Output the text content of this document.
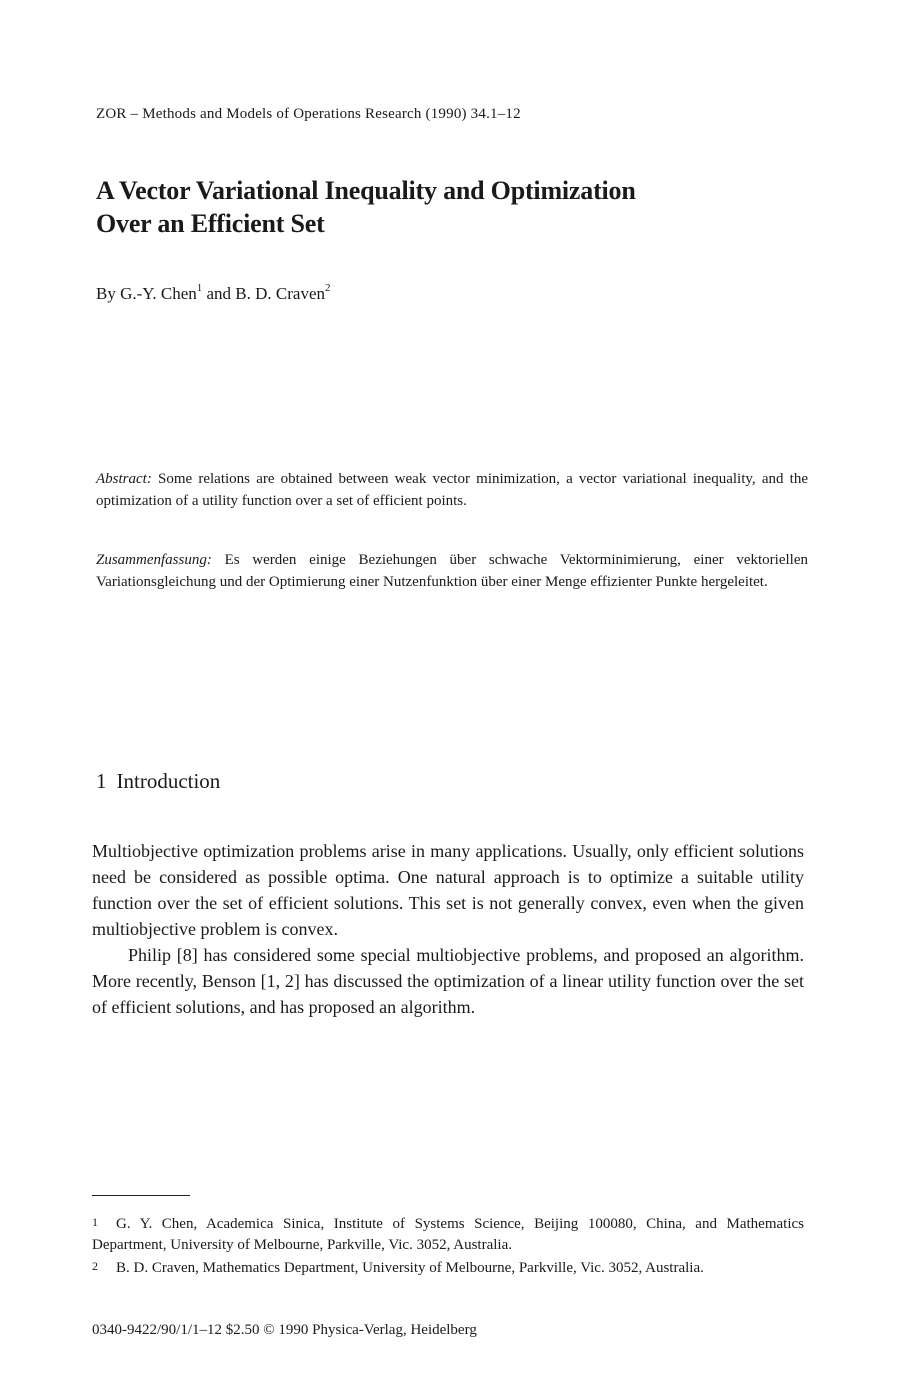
ZOR – Methods and Models of Operations Research (1990) 34.1–12
A Vector Variational Inequality and Optimization
Over an Efficient Set
By G.-Y. Chen$^1$ and B. D. Craven$^2$
Abstract: Some relations are obtained between weak vector minimization, a vector variational inequality, and the optimization of a utility function over a set of efficient points.
Zusammenfassung: Es werden einige Beziehungen über schwache Vektorminimierung, einer vektoriellen Variationsgleichung und der Optimierung einer Nutzenfunktion über einer Menge effizienter Punkte hergeleitet.
1 Introduction

Multiobjective optimization problems arise in many applications. Usually, only efficient solutions need be considered as possible optima. One natural approach is to optimize a suitable utility function over the set of efficient solutions. This set is not generally convex, even when the given multiobjective problem is convex.

Philip [8] has considered some special multiobjective problems, and proposed an algorithm. More recently, Benson [1, 2] has discussed the optimization of a linear utility function over the set of efficient solutions, and has proposed an algorithm.

1 G. Y. Chen, Academica Sinica, Institute of Systems Science, Beijing 100080, China, and Mathematics Department, University of Melbourne, Parkville, Vic. 3052, Australia.
2 B. D. Craven, Mathematics Department, University of Melbourne, Parkville, Vic. 3052, Australia.
0340-9422/90/1/1–12 $2.50 © 1990 Physica-Verlag, Heidelberg
